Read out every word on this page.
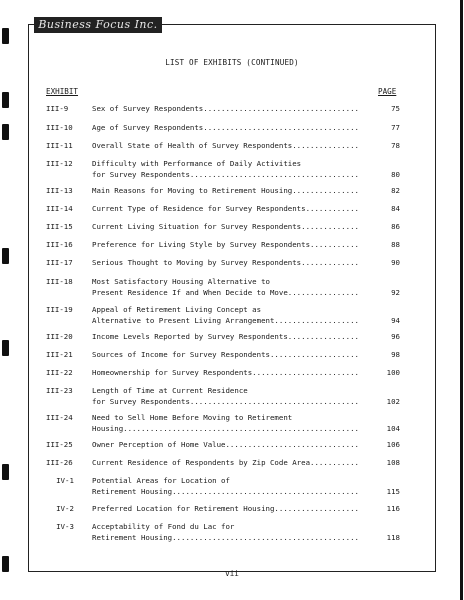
Business Focus Inc.
LIST OF EXHIBITS (CONTINUED)
EXHIBIT	PAGE
III-9	Sex of Survey Respondents...................................	75
III-10	Age of Survey Respondents...................................	77
III-11	Overall State of Health of Survey Respondents...............	78
III-12	Difficulty with Performance of Daily Activities
for Survey Respondents......................................	80
III-13	Main Reasons for Moving to Retirement Housing...............	82
III-14	Current Type of Residence for Survey Respondents............	84
III-15	Current Living Situation for Survey Respondents.............	86
III-16	Preference for Living Style by Survey Respondents...........	88
III-17	Serious Thought to Moving by Survey Respondents.............	90
III-18	Most Satisfactory Housing Alternative to
Present Residence If and When Decide to Move................	92
III-19	Appeal of Retirement Living Concept as
Alternative to Present Living Arrangement...................	94
III-20	Income Levels Reported by Survey Respondents................	96
III-21	Sources of Income for Survey Respondents....................	98
III-22	Homeownership for Survey Respondents........................	100
III-23	Length of Time at Current Residence
for Survey Respondents......................................	102
III-24	Need to Sell Home Before Moving to Retirement
Housing.....................................................	104
III-25	Owner Perception of Home Value..............................	106
III-26	Current Residence of Respondents by Zip Code Area...........	108
IV-1	Potential Areas for Location of
Retirement Housing..........................................	115
IV-2	Preferred Location for Retirement Housing...................	116
IV-3	Acceptability of Fond du Lac for
Retirement Housing..........................................	118
vii
